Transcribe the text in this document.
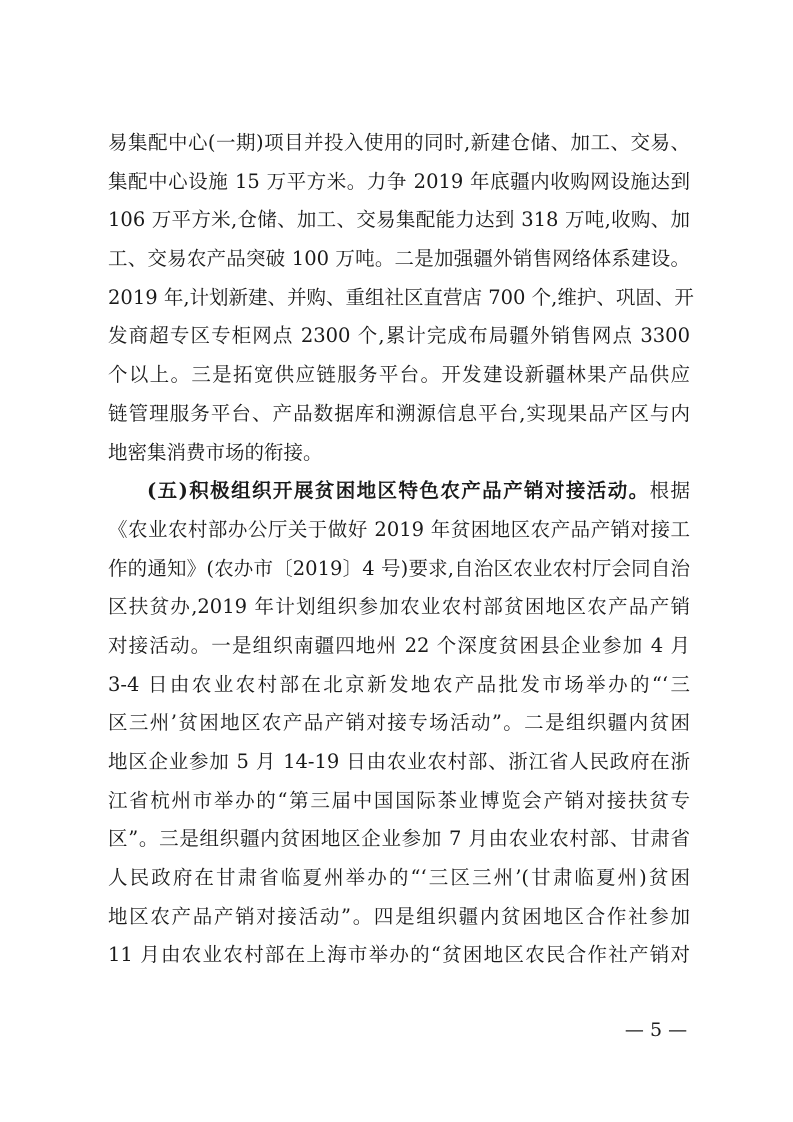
易集配中心(一期)项目并投入使用的同时,新建仓储、加工、交易、
集配中心设施 15 万平方米。力争 2019 年底疆内收购网设施达到
106 万平方米,仓储、加工、交易集配能力达到 318 万吨,收购、加
工、交易农产品突破 100 万吨。二是加强疆外销售网络体系建设。
2019 年,计划新建、并购、重组社区直营店 700 个,维护、巩固、开
发商超专区专柜网点 2300 个,累计完成布局疆外销售网点 3300
个以上。三是拓宽供应链服务平台。开发建设新疆林果产品供应
链管理服务平台、产品数据库和溯源信息平台,实现果品产区与内
地密集消费市场的衔接。
(五)积极组织开展贫困地区特色农产品产销对接活动。根据
《农业农村部办公厅关于做好 2019 年贫困地区农产品产销对接工
作的通知》(农办市〔2019〕4 号)要求,自治区农业农村厅会同自治
区扶贫办,2019 年计划组织参加农业农村部贫困地区农产品产销
对接活动。一是组织南疆四地州 22 个深度贫困县企业参加 4 月
3-4 日由农业农村部在北京新发地农产品批发市场举办的“‘三
区三州’贫困地区农产品产销对接专场活动”。二是组织疆内贫困
地区企业参加 5 月 14-19 日由农业农村部、浙江省人民政府在浙
江省杭州市举办的“第三届中国国际茶业博览会产销对接扶贫专
区”。三是组织疆内贫困地区企业参加 7 月由农业农村部、甘肃省
人民政府在甘肃省临夏州举办的“‘三区三州’(甘肃临夏州)贫困
地区农产品产销对接活动”。四是组织疆内贫困地区合作社参加
11 月由农业农村部在上海市举办的“贫困地区农民合作社产销对
— 5 —
